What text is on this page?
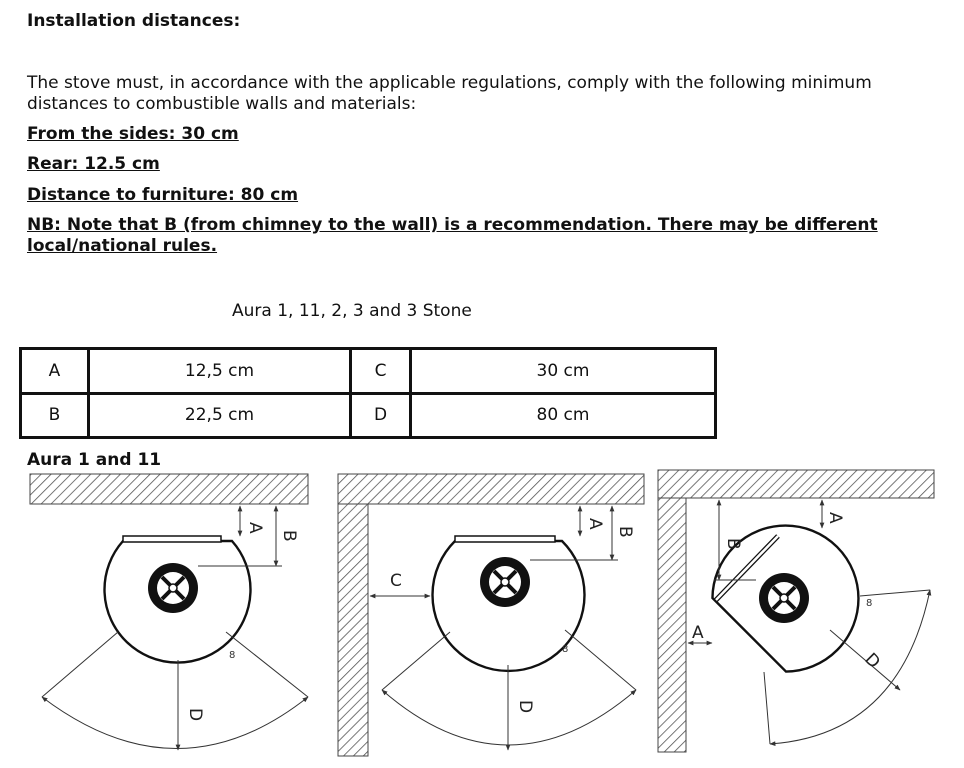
Installation distances:
The stove must, in accordance with the applicable regulations, comply with the following minimum distances to combustible walls and materials:
From the sides: 30 cm
Rear: 12.5 cm
Distance to furniture: 80 cm
NB: Note that B (from chimney to the wall) is a recommendation. There may be different local/national rules.
Aura 1, 11, 2, 3 and 3 Stone
A	12,5 cm	C	30 cm
B	22,5 cm	D	80 cm
Aura 1 and 11
A
B
D
8
C
A
B
D
8
A
A
B
D
8
